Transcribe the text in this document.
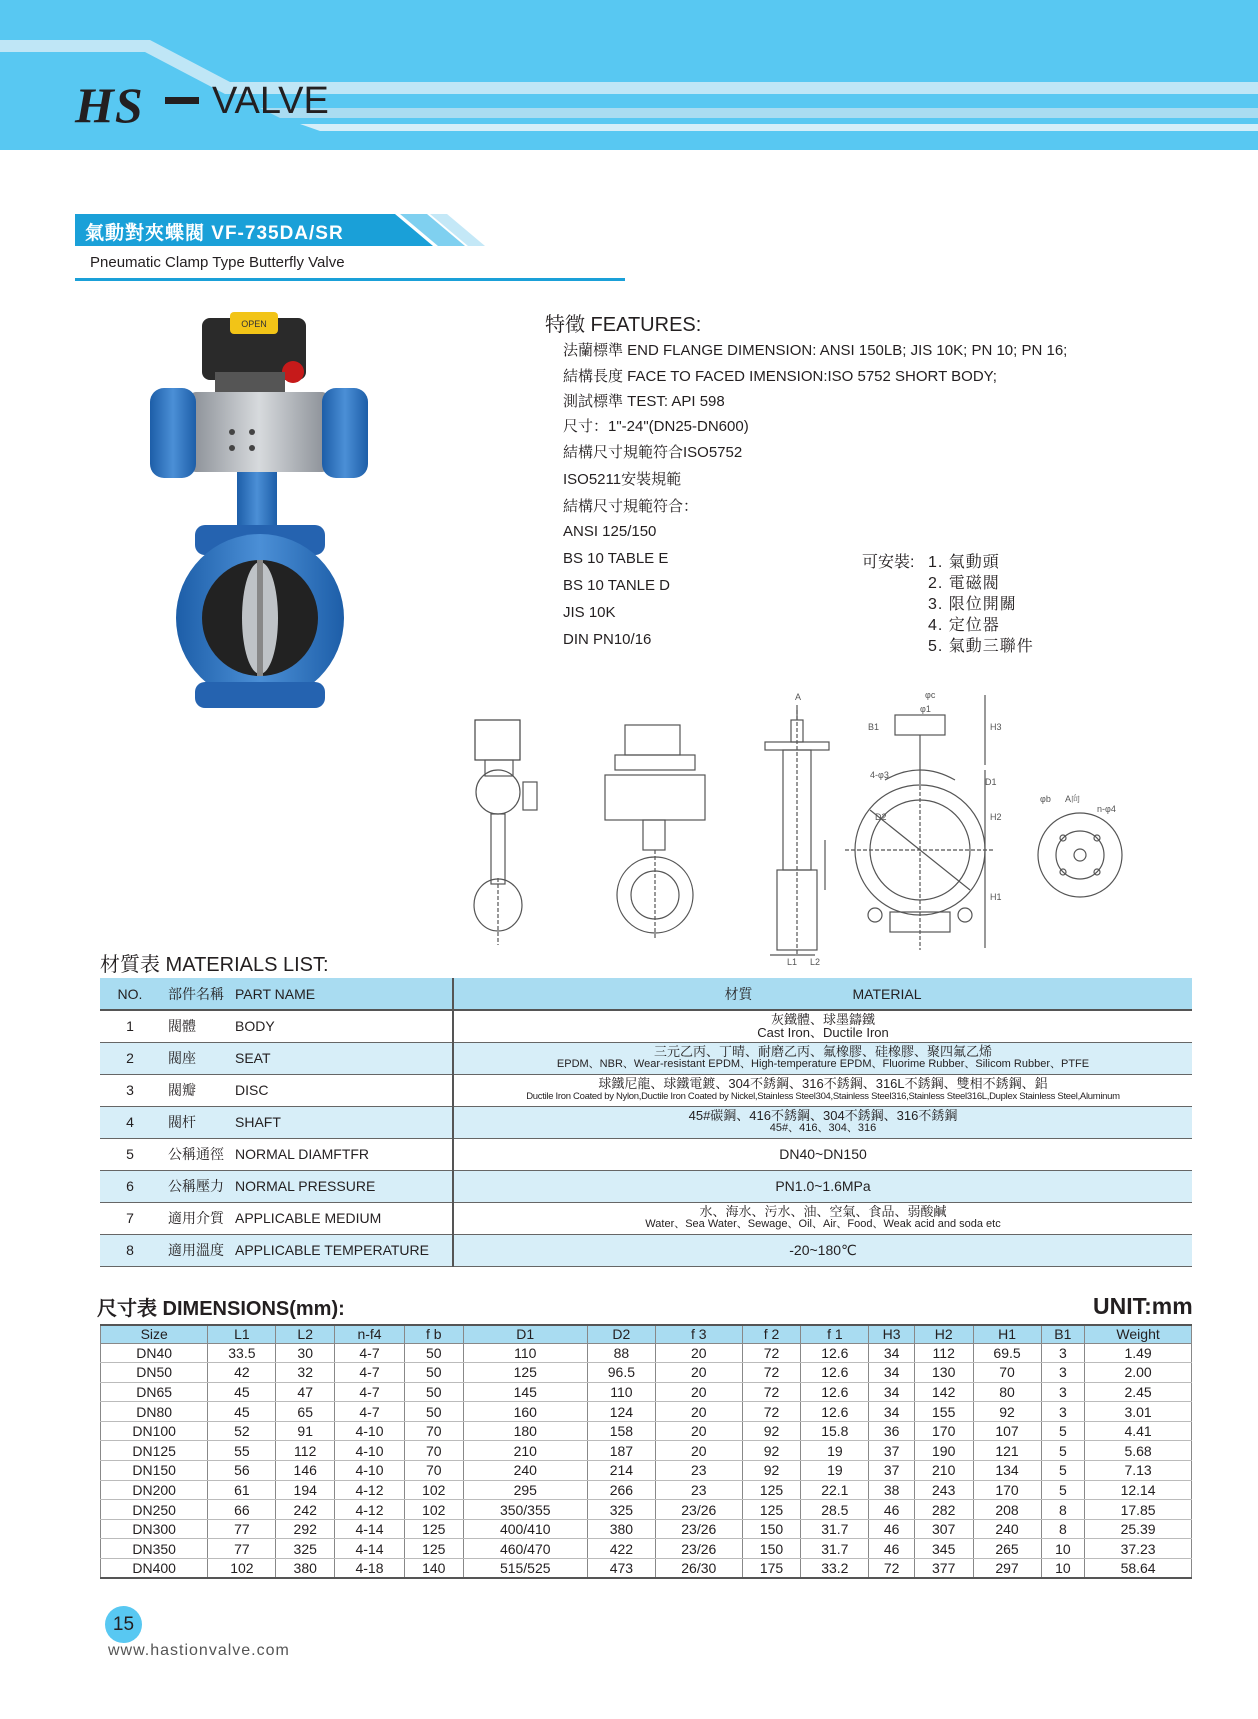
HS VALVE
氣動對夾蝶閥 VF-735DA/SR
Pneumatic Clamp Type Butterfly Valve
OPEN	特徵 FEATURES:
法蘭標準 END FLANGE DIMENSION: ANSI 150LB; JIS 10K; PN 10; PN 16;
結構長度 FACE TO FACED IMENSION:ISO 5752 SHORT BODY;
測試標準 TEST: API 598
尺寸：1"-24"(DN25-DN600)
結構尺寸規範符合ISO5752
ISO5211安裝規範
結構尺寸規範符合：
ANSI 125/150
BS 10 TABLE E
BS 10 TANLE D
JIS 10K
DIN PN10/16
可安裝: 1. 氣動頭
2. 電磁閥
3. 限位開關
4. 定位器
5. 氣動三聯件
A
L1
φc
φ1
B1	H3
4-φ3
D1
D2	H2
H1
φb A向
n-φ4
L2
材質表 MATERIALS LIST:
NO.	部件名稱	PART NAME	材質 MATERIAL
1	閥體	BODY	灰鐵體、球墨鑄鐵
Cast Iron、Ductile Iron

2	閥座	SEAT	三元乙丙、丁晴、耐磨乙丙、氟橡膠、硅橡膠、聚四氟乙烯
EPDM、NBR、Wear-resistant EPDM、High-temperature EPDM、Fluorime Rubber、Silicom Rubber、PTFE

3	閥瓣	DISC	球鐵尼龍、球鐵電鍍、304不銹鋼、316不銹鋼、316L不銹鋼、雙相不銹鋼、鋁
Ductile Iron Coated by Nylon,Ductile Iron Coated by Nickel,Stainless Steel304,Stainless Steel316,Stainless Steel316L,Duplex Stainless Steel,Aluminum

4	閥杆	SHAFT	45#碳鋼、416不銹鋼、304不銹鋼、316不銹鋼
45#、416、304、316

5	公稱通徑	NORMAL DIAMFTFR	DN40~DN150
6	公稱壓力	NORMAL PRESSURE	PN1.0~1.6MPa
7	適用介質	APPLICABLE MEDIUM	水、海水、污水、油、空氣、食品、弱酸鹹
Water、Sea Water、Sewage、Oil、Air、Food、Weak acid and soda etc

8	適用溫度	APPLICABLE TEMPERATURE	-20~180℃
尺寸表 DIMENSIONS(mm):	UNIT:mm
Size	L1	L2	n-f4	f b	D1	D2	f 3	f 2	f 1	H3	H2	H1	B1	Weight
DN40	33.5	30	4-7	50	110	88	20	72	12.6	34	112	69.5	3	1.49
DN50	42	32	4-7	50	125	96.5	20	72	12.6	34	130	70	3	2.00
DN65	45	47	4-7	50	145	110	20	72	12.6	34	142	80	3	2.45
DN80	45	65	4-7	50	160	124	20	72	12.6	34	155	92	3	3.01
DN100	52	91	4-10	70	180	158	20	92	15.8	36	170	107	5	4.41
DN125	55	112	4-10	70	210	187	20	92	19	37	190	121	5	5.68
DN150	56	146	4-10	70	240	214	23	92	19	37	210	134	5	7.13
DN200	61	194	4-12	102	295	266	23	125	22.1	38	243	170	5	12.14
DN250	66	242	4-12	102	350/355	325	23/26	125	28.5	46	282	208	8	17.85
DN300	77	292	4-14	125	400/410	380	23/26	150	31.7	46	307	240	8	25.39
DN350	77	325	4-14	125	460/470	422	23/26	150	31.7	46	345	265	10	37.23
DN400	102	380	4-18	140	515/525	473	26/30	175	33.2	72	377	297	10	58.64
15
www.hastionvalve.com
